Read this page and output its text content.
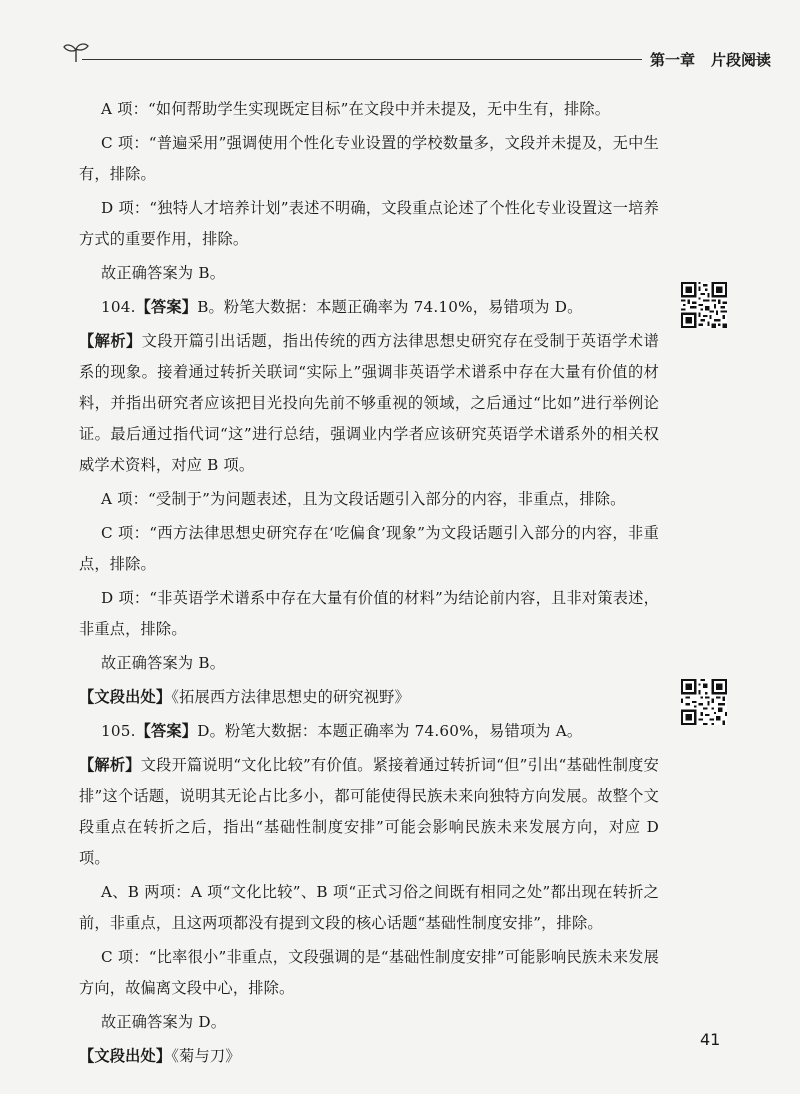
第一章 片段阅读

A 项：“如何帮助学生实现既定目标”在文段中并未提及，无中生有，排除。

C 项：“普遍采用”强调使用个性化专业设置的学校数量多，文段并未提及，无中生有，排除。

D 项：“独特人才培养计划”表述不明确，文段重点论述了个性化专业设置这一培养方式的重要作用，排除。

故正确答案为 B。

104.【答案】B。粉笔大数据：本题正确率为 74.10%，易错项为 D。

【解析】文段开篇引出话题，指出传统的西方法律思想史研究存在受制于英语学术谱系的现象。接着通过转折关联词“实际上”强调非英语学术谱系中存在大量有价值的材料，并指出研究者应该把目光投向先前不够重视的领域，之后通过“比如”进行举例论证。最后通过指代词“这”进行总结，强调业内学者应该研究英语学术谱系外的相关权威学术资料，对应 B 项。

A 项：“受制于”为问题表述，且为文段话题引入部分的内容，非重点，排除。

C 项：“西方法律思想史研究存在‘吃偏食’现象”为文段话题引入部分的内容，非重点，排除。

D 项：“非英语学术谱系中存在大量有价值的材料”为结论前内容，且非对策表述，非重点，排除。

故正确答案为 B。

【文段出处】《拓展西方法律思想史的研究视野》

105.【答案】D。粉笔大数据：本题正确率为 74.60%，易错项为 A。

【解析】文段开篇说明“文化比较”有价值。紧接着通过转折词“但”引出“基础性制度安排”这个话题，说明其无论占比多小，都可能使得民族未来向独特方向发展。故整个文段重点在转折之后，指出“基础性制度安排”可能会影响民族未来发展方向，对应 D 项。

A、B 两项：A 项“文化比较”、B 项“正式习俗之间既有相同之处”都出现在转折之前，非重点，且这两项都没有提到文段的核心话题“基础性制度安排”，排除。

C 项：“比率很小”非重点，文段强调的是“基础性制度安排”可能影响民族未来发展方向，故偏离文段中心，排除。

故正确答案为 D。

【文段出处】《菊与刀》

41
